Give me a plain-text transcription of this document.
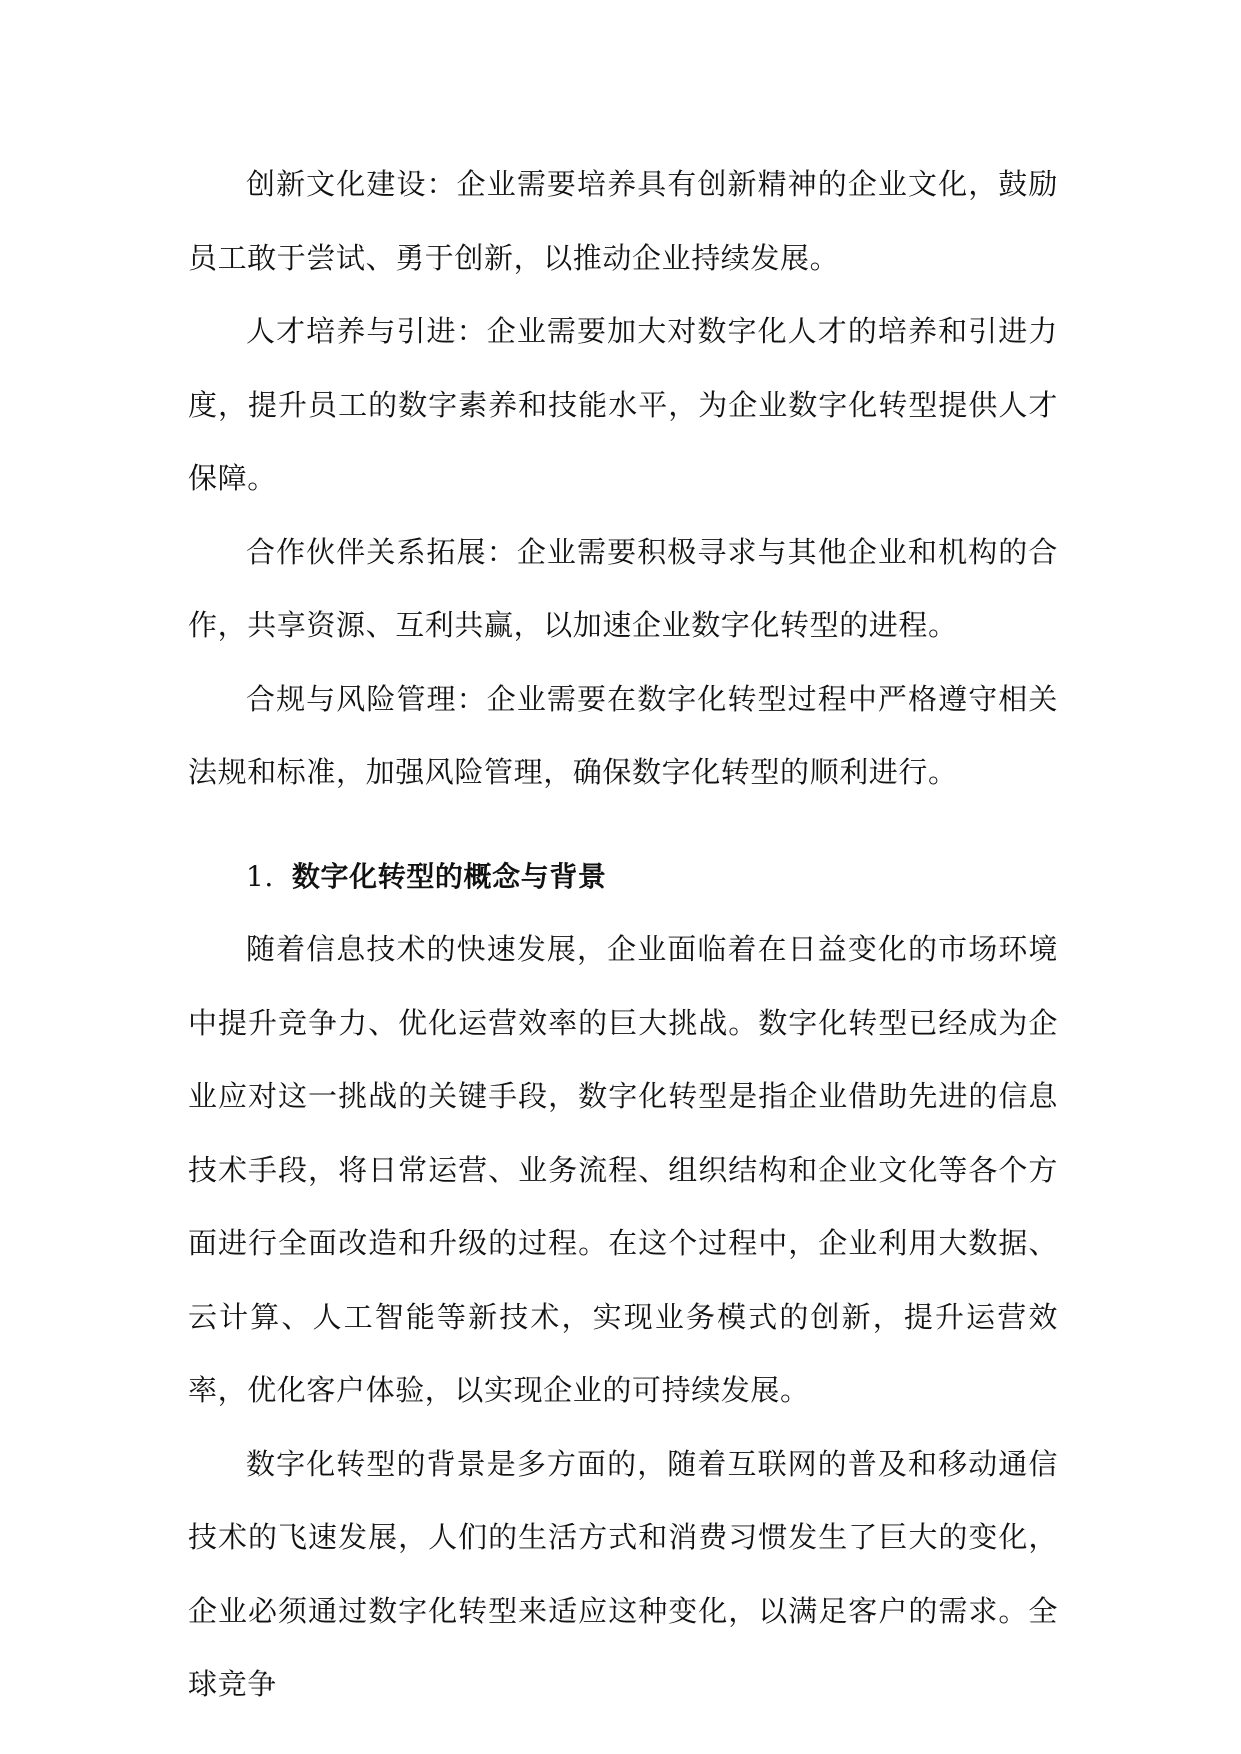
创新文化建设：企业需要培养具有创新精神的企业文化，鼓励员工敢于尝试、勇于创新，以推动企业持续发展。

人才培养与引进：企业需要加大对数字化人才的培养和引进力度，提升员工的数字素养和技能水平，为企业数字化转型提供人才保障。

合作伙伴关系拓展：企业需要积极寻求与其他企业和机构的合作，共享资源、互利共赢，以加速企业数字化转型的进程。

合规与风险管理：企业需要在数字化转型过程中严格遵守相关法规和标准，加强风险管理，确保数字化转型的顺利进行。

1. 数字化转型的概念与背景

随着信息技术的快速发展，企业面临着在日益变化的市场环境中提升竞争力、优化运营效率的巨大挑战。数字化转型已经成为企业应对这一挑战的关键手段，数字化转型是指企业借助先进的信息技术手段，将日常运营、业务流程、组织结构和企业文化等各个方面进行全面改造和升级的过程。在这个过程中，企业利用大数据、云计算、人工智能等新技术，实现业务模式的创新，提升运营效率，优化客户体验，以实现企业的可持续发展。

数字化转型的背景是多方面的，随着互联网的普及和移动通信技术的飞速发展，人们的生活方式和消费习惯发生了巨大的变化，企业必须通过数字化转型来适应这种变化，以满足客户的需求。全球竞争
